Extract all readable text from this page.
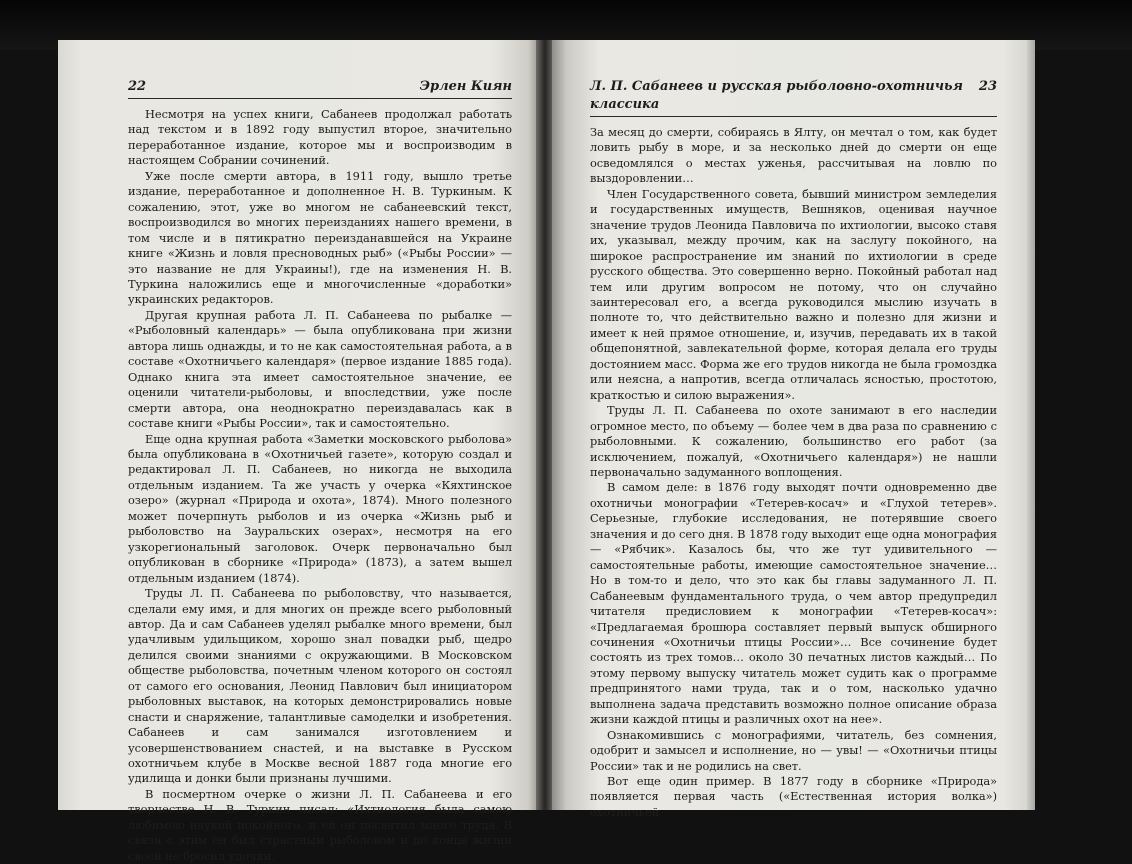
22	Эрлен Киян

Несмотря на успех книги, Сабанеев продолжал работать над текстом и в 1892 году выпустил второе, значительно переработанное издание, которое мы и воспроизводим в настоящем Собрании сочинений.

Уже после смерти автора, в 1911 году, вышло третье издание, переработанное и дополненное Н. В. Туркиным. К сожалению, этот, уже во многом не сабанеевский текст, воспроизводился во многих переизданиях нашего времени, в том числе и в пятикратно переизданавшейся на Украине книге «Жизнь и ловля пресноводных рыб» («Рыбы России» — это название не для Украины!), где на изменения Н. В. Туркина наложились еще и многочисленные «доработки» украинских редакторов.

Другая крупная работа Л. П. Сабанеева по рыбалке — «Рыболовный календарь» — была опубликована при жизни автора лишь однажды, и то не как самостоятельная работа, а в составе «Охотничьего календаря» (первое издание 1885 года). Однако книга эта имеет самостоятельное значение, ее оценили читатели-рыболовы, и впоследствии, уже после смерти автора, она неоднократно переиздавалась как в составе книги «Рыбы России», так и самостоятельно.

Еще одна крупная работа «Заметки московского рыболова» была опубликована в «Охотничьей газете», которую создал и редактировал Л. П. Сабанеев, но никогда не выходила отдельным изданием. Та же участь у очерка «Кяхтинское озеро» (журнал «Природа и охота», 1874). Много полезного может почерпнуть рыболов и из очерка «Жизнь рыб и рыболовство на Зауральских озерах», несмотря на его узкорегиональный заголовок. Очерк первоначально был опубликован в сборнике «Природа» (1873), а затем вышел отдельным изданием (1874).

Труды Л. П. Сабанеева по рыболовству, что называется, сделали ему имя, и для многих он прежде всего рыболовный автор. Да и сам Сабанеев уделял рыбалке много времени, был удачливым удильщиком, хорошо знал повадки рыб, щедро делился своими знаниями с окружающими. В Московском обществе рыболовства, почетным членом которого он состоял от самого его основания, Леонид Павлович был инициатором рыболовных выставок, на которых демонстрировались новые снасти и снаряжение, талантливые самоделки и изобретения. Сабанеев и сам занимался изготовлением и усовершенствованием снастей, и на выставке в Русском охотничьем клубе в Москве весной 1887 года многие его удилища и донки были признаны лучшими.

В посмертном очерке о жизни Л. П. Сабанеева и его творчестве Н. В. Туркин писал: «Ихтиология была самою любимою наукой покойного, и ей он посвятил много труда. В связи с этим он был страстным рыболовом и до конца жизни своей не бросил удочки.

Л. П. Сабанеев и русская рыболовно-охотничья классика
23

За месяц до смерти, собираясь в Ялту, он мечтал о том, как будет ловить рыбу в море, и за несколько дней до смерти он еще осведомлялся о местах уженья, рассчитывая на ловлю по выздоровлении…

Член Государственного совета, бывший министром земледелия и государственных имуществ, Вешняков, оценивая научное значение трудов Леонида Павловича по ихтиологии, высоко ставя их, указывал, между прочим, как на заслугу покойного, на широкое распространение им знаний по ихтиологии в среде русского общества. Это совершенно верно. Покойный работал над тем или другим вопросом не потому, что он случайно заинтересовал его, а всегда руководился мыслию изучать в полноте то, что действительно важно и полезно для жизни и имеет к ней прямое отношение, и, изучив, передавать их в такой общепонятной, завлекательной форме, которая делала его труды достоянием масс. Форма же его трудов никогда не была громоздка или неясна, а напротив, всегда отличалась ясностью, простотою, краткостью и силою выражения».

Труды Л. П. Сабанеева по охоте занимают в его наследии огромное место, по объему — более чем в два раза по сравнению с рыболовными. К сожалению, большинство его работ (за исключением, пожалуй, «Охотничьего календаря») не нашли первоначально задуманного воплощения.

В самом деле: в 1876 году выходят почти одновременно две охотничьи монографии «Тетерев-косач» и «Глухой тетерев». Серьезные, глубокие исследования, не потерявшие своего значения и до сего дня. В 1878 году выходит еще одна монография — «Рябчик». Казалось бы, что же тут удивительного — самостоятельные работы, имеющие самостоятельное значение… Но в том-то и дело, что это как бы главы задуманного Л. П. Сабанеевым фундаментального труда, о чем автор предупредил читателя предисловием к монографии «Тетерев-косач»: «Предлагаемая брошюра составляет первый выпуск обширного сочинения «Охотничьи птицы России»… Все сочинение будет состоять из трех томов… около 30 печатных листов каждый… По этому первому выпуску читатель может судить как о программе предпринятого нами труда, так и о том, насколько удачно выполнена задача представить возможно полное описание образа жизни каждой птицы и различных охот на нее».

Ознакомившись с монографиями, читатель, без сомнения, одобрит и замысел и исполнение, но — увы! — «Охотничьи птицы России» так и не родились на свет.

Вот еще один пример. В 1877 году в сборнике «Природа» появляется первая часть («Естественная история волка») охотничьей
